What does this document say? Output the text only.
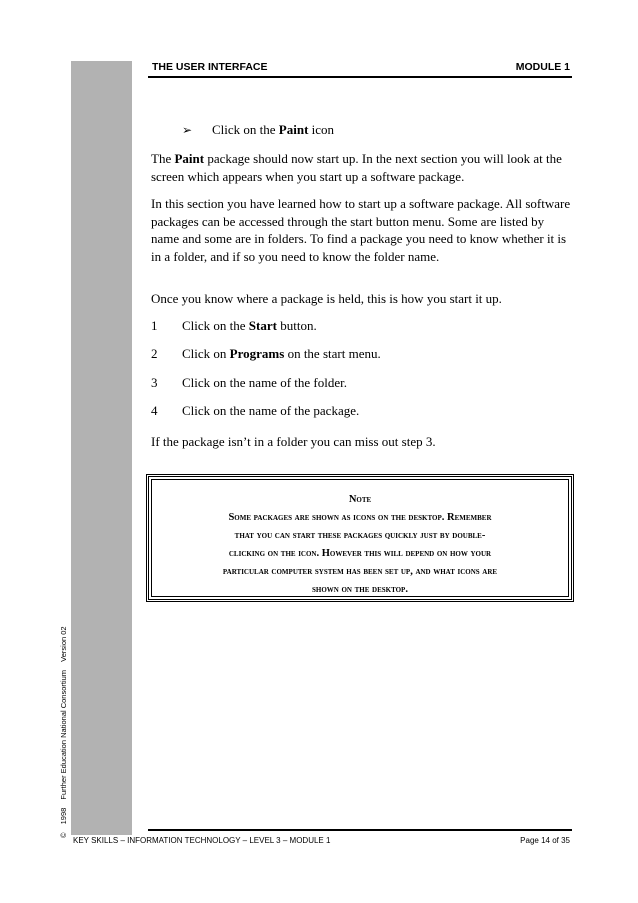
© 1998 Further Education National Consortium Version 02
THE USER INTERFACE	MODULE 1
➢ Click on the Paint icon

The Paint package should now start up. In the next section you will look at the screen which appears when you start up a software package.

In this section you have learned how to start up a software package. All software packages can be accessed through the start button menu. Some are listed by name and some are in folders. To find a package you need to know whether it is in a folder, and if so you need to know the folder name.

Once you know where a package is held, this is how you start it up.

1 Click on the Start button.
2 Click on Programs on the start menu.
3 Click on the name of the folder.
4 Click on the name of the package.

If the package isn’t in a folder you can miss out step 3.

Note
Some packages are shown as icons on the desktop. Remember
that you can start these packages quickly just by double-
clicking on the icon. However this will depend on how your
particular computer system has been set up, and what icons are
shown on the desktop.
KEY SKILLS – INFORMATION TECHNOLOGY – LEVEL 3 – MODULE 1	Page 14 of 35
